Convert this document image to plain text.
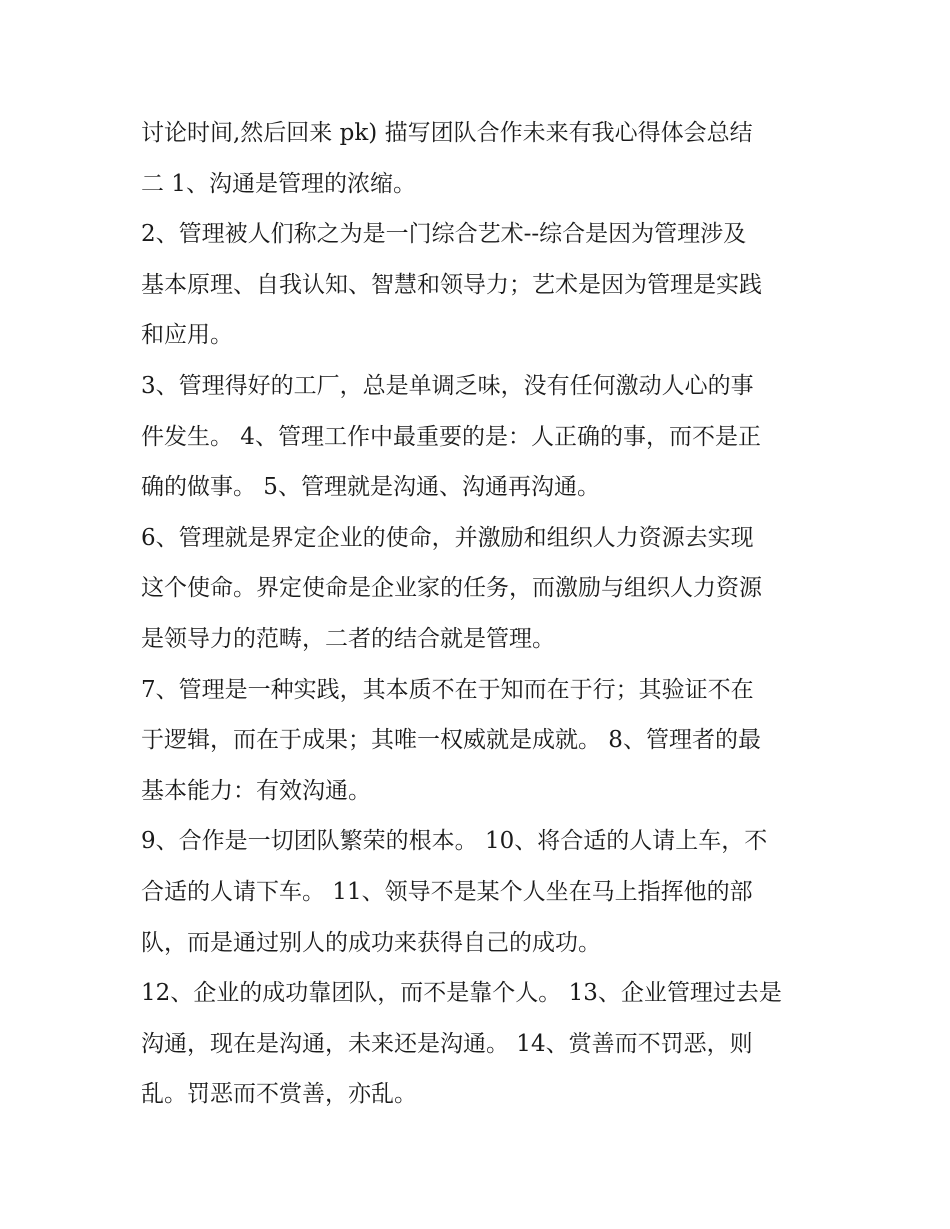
讨论时间,然后回来 pk) 描写团队合作未来有我心得体会总结
二 1、沟通是管理的浓缩。
2、管理被人们称之为是一门综合艺术--综合是因为管理涉及
基本原理、自我认知、智慧和领导力；艺术是因为管理是实践
和应用。
3、管理得好的工厂，总是单调乏味，没有任何激动人心的事
件发生。 4、管理工作中最重要的是：人正确的事，而不是正
确的做事。 5、管理就是沟通、沟通再沟通。
6、管理就是界定企业的使命，并激励和组织人力资源去实现
这个使命。界定使命是企业家的任务，而激励与组织人力资源
是领导力的范畴，二者的结合就是管理。
7、管理是一种实践，其本质不在于知而在于行；其验证不在
于逻辑，而在于成果；其唯一权威就是成就。 8、管理者的最
基本能力：有效沟通。
9、合作是一切团队繁荣的根本。 10、将合适的人请上车，不
合适的人请下车。 11、领导不是某个人坐在马上指挥他的部
队，而是通过别人的成功来获得自己的成功。
12、企业的成功靠团队，而不是靠个人。 13、企业管理过去是
沟通，现在是沟通，未来还是沟通。 14、赏善而不罚恶，则
乱。罚恶而不赏善，亦乱。
